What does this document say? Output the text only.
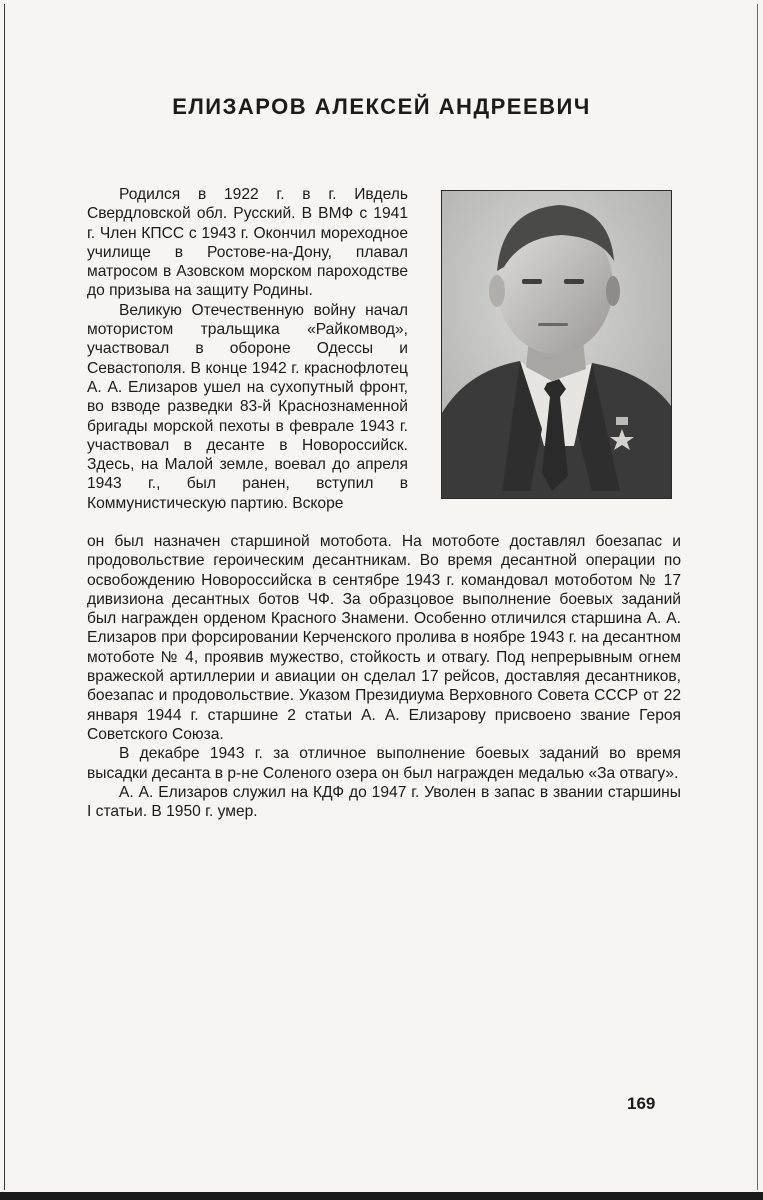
ЕЛИЗАРОВ АЛЕКСЕЙ АНДРЕЕВИЧ

Родился в 1922 г. в г. Ивдель Свердловской обл. Русский. В ВМФ с 1941 г. Член КПСС с 1943 г. Окончил мореходное училище в Ростове-на-Дону, плавал матросом в Азовском морском пароходстве до призыва на защиту Родины.

Великую Отечественную войну начал мотористом тральщика «Райкомвод», участвовал в обороне Одессы и Севастополя. В конце 1942 г. краснофлотец А. А. Елизаров ушел на сухопутный фронт, во взводе разведки 83-й Краснознаменной бригады морской пехоты в феврале 1943 г. участвовал в десанте в Новороссийск. Здесь, на Малой земле, воевал до апреля 1943 г., был ранен, вступил в Коммунистическую партию. Вскоре

он был назначен старшиной мотобота. На мотоботе доставлял боезапас и продовольствие героическим десантникам. Во время десантной операции по освобождению Новороссийска в сентябре 1943 г. командовал мотоботом № 17 дивизиона десантных ботов ЧФ. За образцовое выполнение боевых заданий был награжден орденом Красного Знамени. Особенно отличился старшина А. А. Елизаров при форсировании Керченского пролива в ноябре 1943 г. на десантном мотоботе № 4, проявив мужество, стойкость и отвагу. Под непрерывным огнем вражеской артиллерии и авиации он сделал 17 рейсов, доставляя десантников, боезапас и продовольствие. Указом Президиума Верховного Совета СССР от 22 января 1944 г. старшине 2 статьи А. А. Елизарову присвоено звание Героя Советского Союза.

В декабре 1943 г. за отличное выполнение боевых заданий во время высадки десанта в р-не Соленого озера он был награжден медалью «За отвагу».

А. А. Елизаров служил на КДФ до 1947 г. Уволен в запас в звании старшины I статьи. В 1950 г. умер.

169
